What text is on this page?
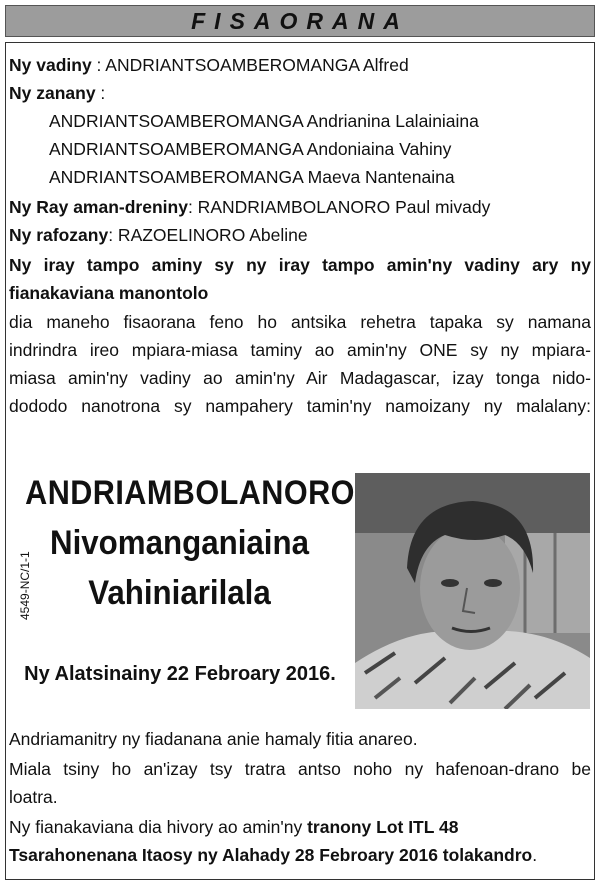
FISAORANA
Ny vadiny : ANDRIANTSOAMBEROMANGA Alfred
Ny zanany :
ANDRIANTSOAMBEROMANGA Andrianina Lalainiaina
ANDRIANTSOAMBEROMANGA Andoniaina Vahiny
ANDRIANTSOAMBEROMANGA Maeva Nantenaina
Ny Ray aman-dreniny: RANDRIAMBOLANORO Paul mivady
Ny rafozany: RAZOELINORO Abeline
Ny iray tampo aminy sy ny iray tampo amin'ny vadiny ary ny
fianakaviana manontolo
dia maneho fisaorana feno ho antsika rehetra tapaka sy namana
indrindra ireo mpiara-miasa taminy ao amin'ny ONE sy ny mpiara-
miasa amin'ny vadiny ao amin'ny Air Madagascar, izay tonga nido-
dododo nanotrona sy nampahery tamin'ny namoizany ny malalany:
ANDRIAMBOLANORO
Nivomanganiaina
Vahiniarilala
4549-NC/1-1
Ny Alatsinainy 22 Febroary 2016.
Andriamanitry ny fiadanana anie hamaly fitia anareo.
Miala tsiny ho an'izay tsy tratra antso noho ny hafenoan-drano be
loatra.
Ny fianakaviana dia hivory ao amin'ny tranony Lot ITL 48
Tsarahonenana Itaosy ny Alahady 28 Febroary 2016 tolakandro.
